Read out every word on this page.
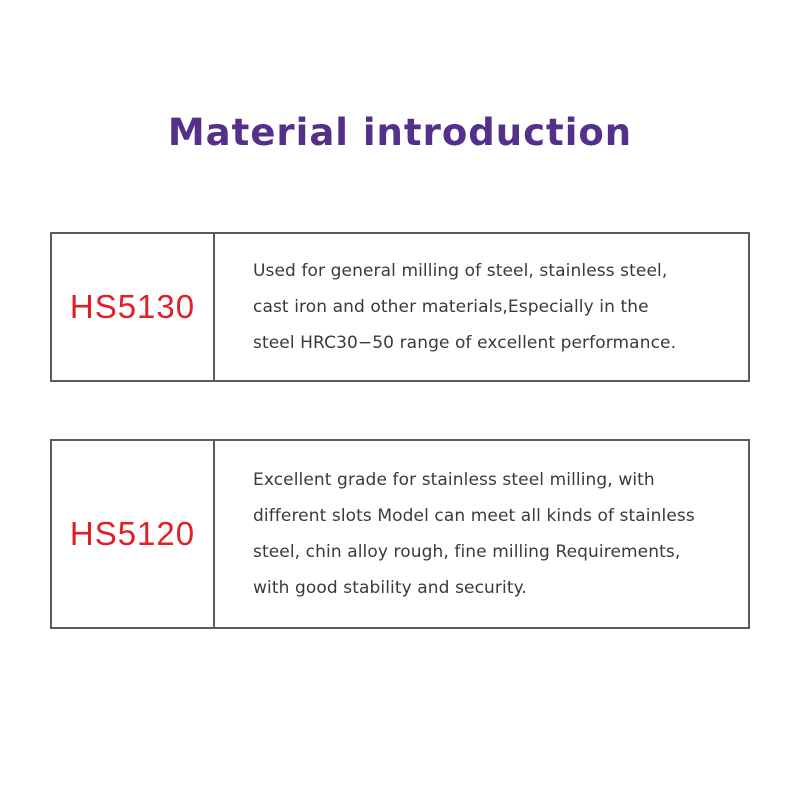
Material introduction
HS5130

Used for general milling of steel, stainless steel,
cast iron and other materials,Especially in the
steel HRC30−50 range of excellent performance.

HS5120

Excellent grade for stainless steel milling, with
different slots Model can meet all kinds of stainless
steel, chin alloy rough, fine milling Requirements,
with good stability and security.
